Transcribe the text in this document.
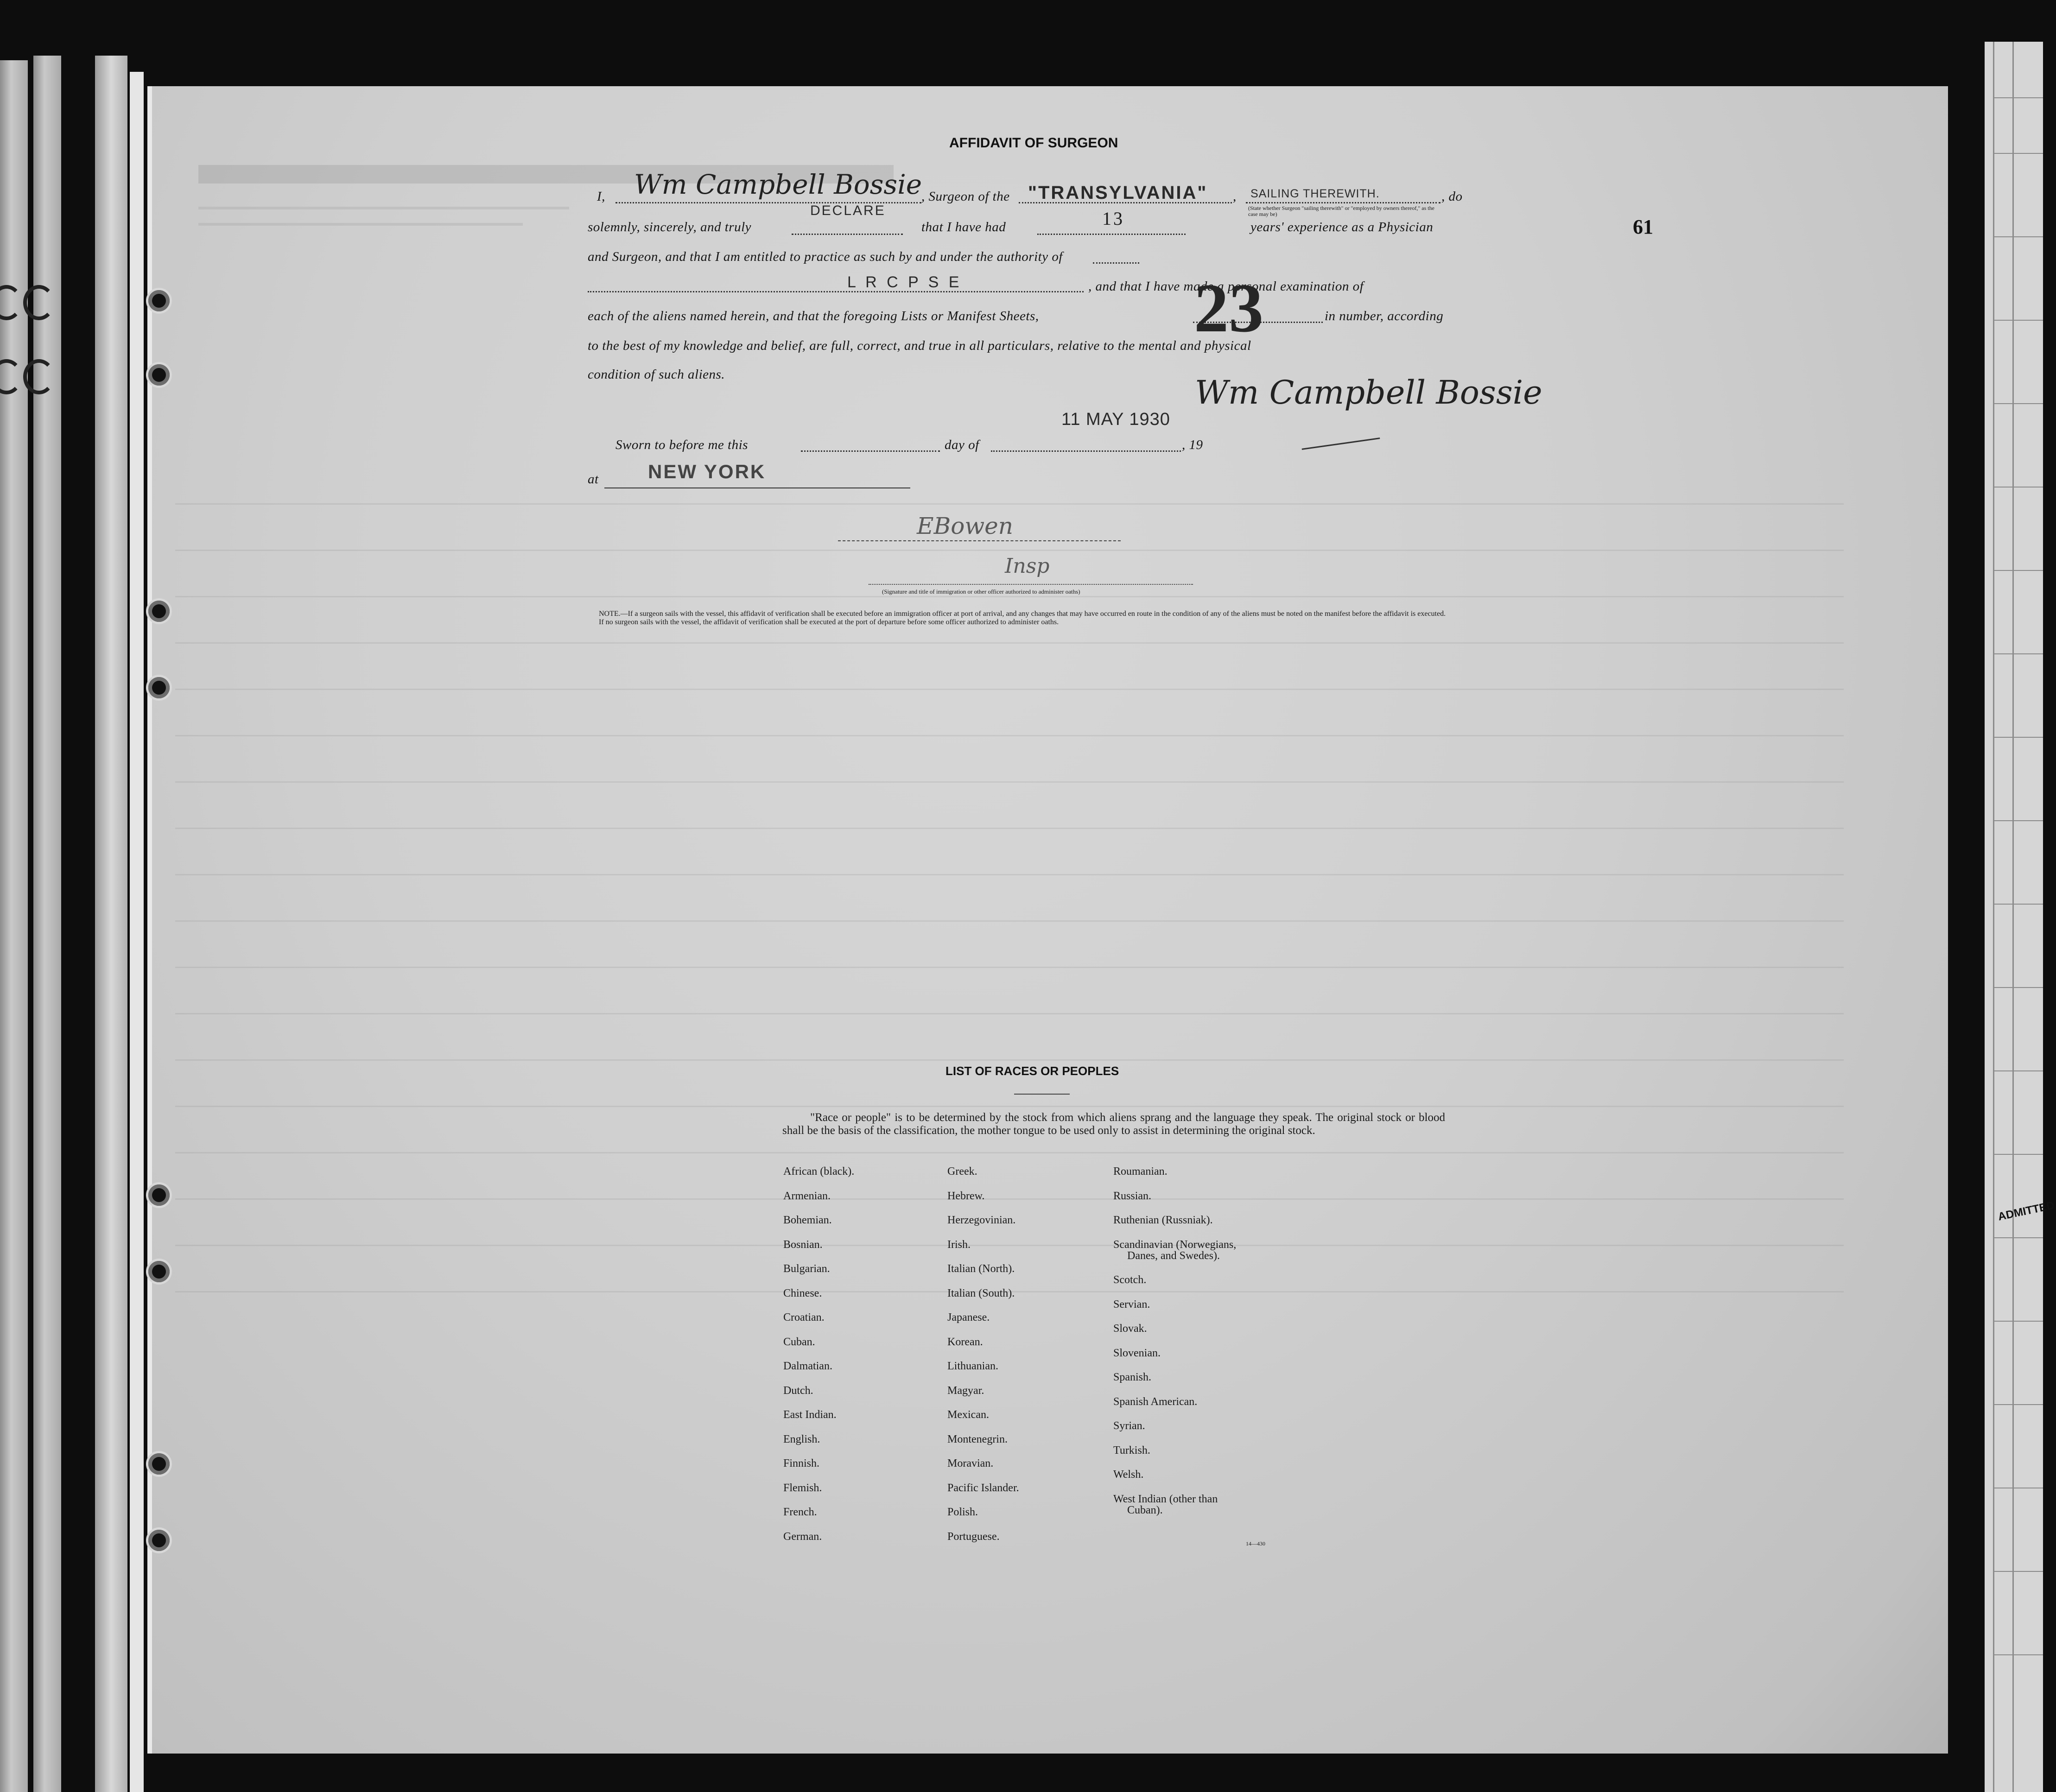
ADMITTED
61
AFFIDAVIT OF SURGEON
I, Wm Campbell Bossie
, Surgeon of the "TRANSYLVANIA" , SAILING THEREWITH.	, do
(State whether Surgeon "sailing therewith" or "employed by owners thereof," as the case may be)
solemnly, sincerely, and truly
DECLARE
that I have had	13	years' experience as a Physician
and Surgeon, and that I am entitled to practice as such by and under the authority of
L R C P S E	, and that I have made a personal examination of
each of the aliens named herein, and that the foregoing Lists or Manifest Sheets, 23	in number, according
to the best of my knowledge and belief, are full, correct, and true in all particulars, relative to the mental and physical
condition of such aliens.
11 MAY 1930
Wm Campbell Bossie
Sworn to before me this	day of	, 19
at	NEW YORK
EBowen
Insp
(Signature and title of immigration or other officer authorized to administer oaths)
NOTE.—If a surgeon sails with the vessel, this affidavit of verification shall be executed before an immigration officer at port of arrival, and any changes that may have occurred en route in the condition of any of the aliens must be noted on the manifest before the affidavit is executed.
If no surgeon sails with the vessel, the affidavit of verification shall be executed at the port of departure before some officer authorized to administer oaths.
LIST OF RACES OR PEOPLES
"Race or people" is to be determined by the stock from which aliens sprang and the language they speak. The original stock or blood shall be the basis of the classification, the mother tongue to be used only to assist in determining the original stock.
14—430
African (black).
Armenian.
Bohemian.
Bosnian.
Bulgarian.
Chinese.
Croatian.
Cuban.
Dalmatian.
Dutch.
East Indian.
English.
Finnish.
Flemish.
French.
German.
Greek.
Hebrew.
Herzegovinian.
Irish.
Italian (North).
Italian (South).
Japanese.
Korean.
Lithuanian.
Magyar.
Mexican.
Montenegrin.
Moravian.
Pacific Islander.
Polish.
Portuguese.
Roumanian.
Russian.
Ruthenian (Russniak).
Scandinavian (Norwegians,
Danes, and Swedes).
Scotch.
Servian.
Slovak.
Slovenian.
Spanish.
Spanish American.
Syrian.
Turkish.
Welsh.
West Indian (other than
Cuban).
